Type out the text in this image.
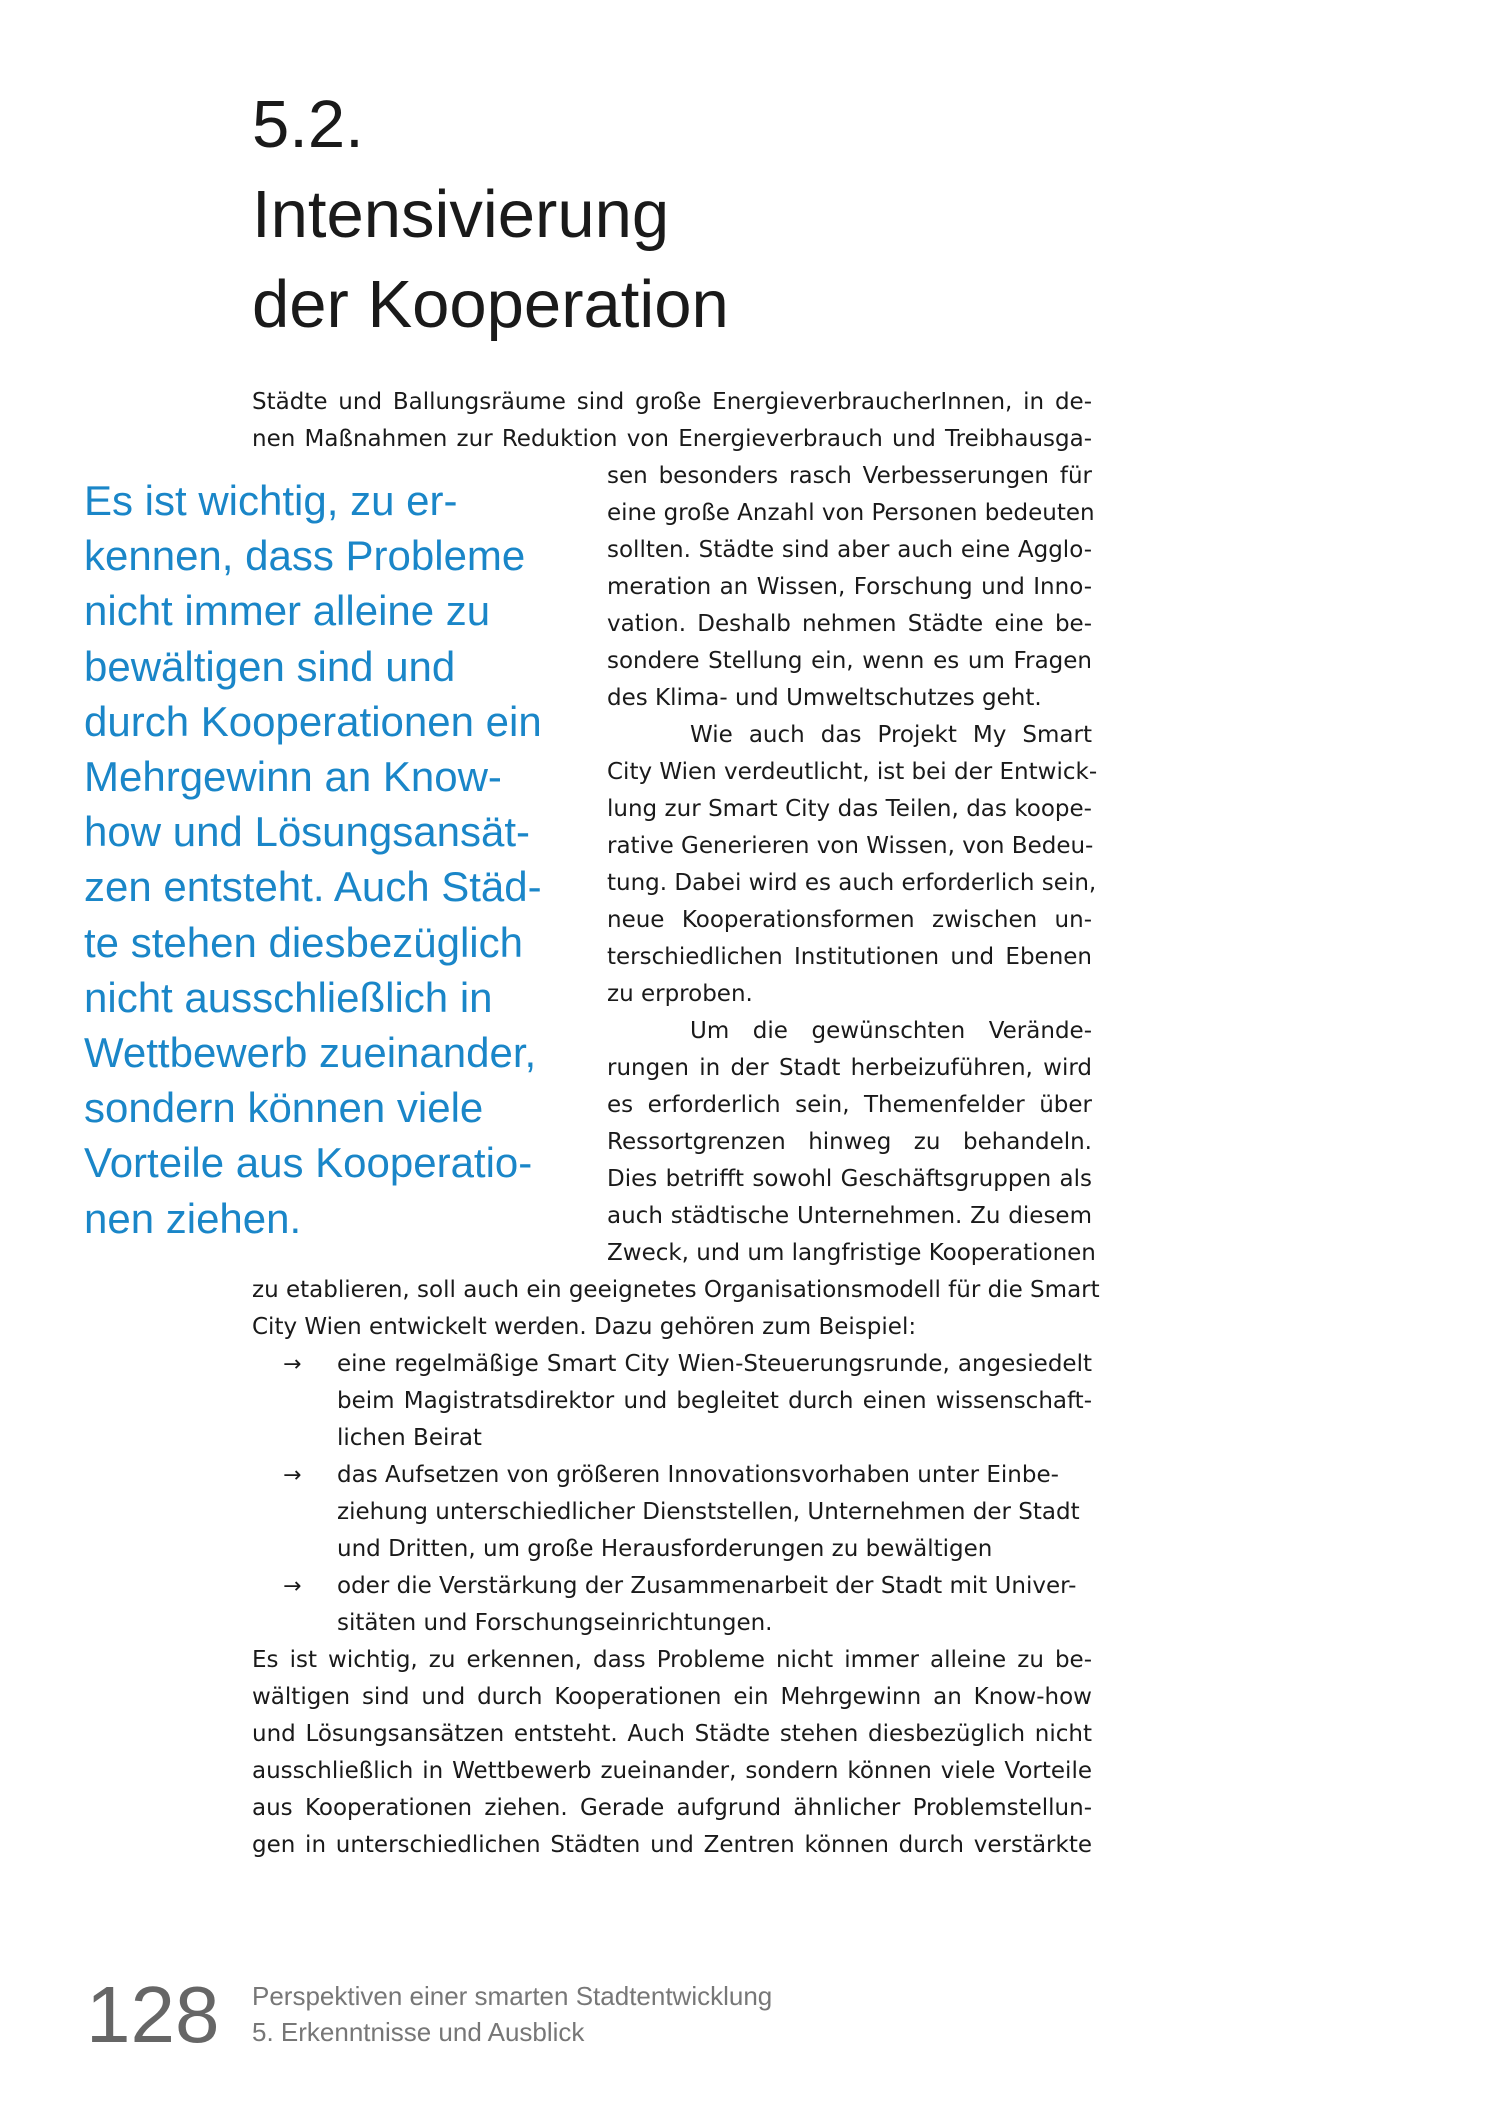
5.2.
Intensivierung
der Kooperation
Es ist wichtig, zu er-
kennen, dass Probleme
nicht immer alleine zu
bewältigen sind und
durch Kooperationen ein
Mehrgewinn an Know-
how und Lösungsansät-
zen entsteht. Auch Städ-
te stehen diesbezüglich
nicht ausschließlich in
Wettbewerb zueinander,
sondern können viele
Vorteile aus Kooperatio-
nen ziehen.
Städte und Ballungsräume sind große EnergieverbraucherInnen, in de-
nen Maßnahmen zur Reduktion von Energieverbrauch und Treibhausga-
sen besonders rasch Verbesserungen für
eine große Anzahl von Personen bedeuten
sollten. Städte sind aber auch eine Agglo-
meration an Wissen, Forschung und Inno-
vation. Deshalb nehmen Städte eine be-
sondere Stellung ein, wenn es um Fragen
des Klima- und Umweltschutzes geht.
Wie auch das Projekt My Smart
City Wien verdeutlicht, ist bei der Entwick-
lung zur Smart City das Teilen, das koope-
rative Generieren von Wissen, von Bedeu-
tung. Dabei wird es auch erforderlich sein,
neue Kooperationsformen zwischen un-
terschiedlichen Institutionen und Ebenen
zu erproben.
Um die gewünschten Verände-
rungen in der Stadt herbeizuführen, wird
es erforderlich sein, Themenfelder über
Ressortgrenzen hinweg zu behandeln.
Dies betrifft sowohl Geschäftsgruppen als
auch städtische Unternehmen. Zu diesem
Zweck, und um langfristige Kooperationen
zu etablieren, soll auch ein geeignetes Organisationsmodell für die Smart
City Wien entwickelt werden. Dazu gehören zum Beispiel:
→	eine regelmäßige Smart City Wien-Steuerungsrunde, angesiedelt
beim Magistratsdirektor und begleitet durch einen wissenschaft-
lichen Beirat
→	das Aufsetzen von größeren Innovationsvorhaben unter Einbe-
ziehung unterschiedlicher Dienststellen, Unternehmen der Stadt
und Dritten, um große Herausforderungen zu bewältigen
→	oder die Verstärkung der Zusammenarbeit der Stadt mit Univer-
sitäten und Forschungseinrichtungen.
Es ist wichtig, zu erkennen, dass Probleme nicht immer alleine zu be-
wältigen sind und durch Kooperationen ein Mehrgewinn an Know-how
und Lösungsansätzen entsteht. Auch Städte stehen diesbezüglich nicht
ausschließlich in Wettbewerb zueinander, sondern können viele Vorteile
aus Kooperationen ziehen. Gerade aufgrund ähnlicher Problemstellun-
gen in unterschiedlichen Städten und Zentren können durch verstärkte
128 Perspektiven einer smarten Stadtentwicklung
5. Erkenntnisse und Ausblick
